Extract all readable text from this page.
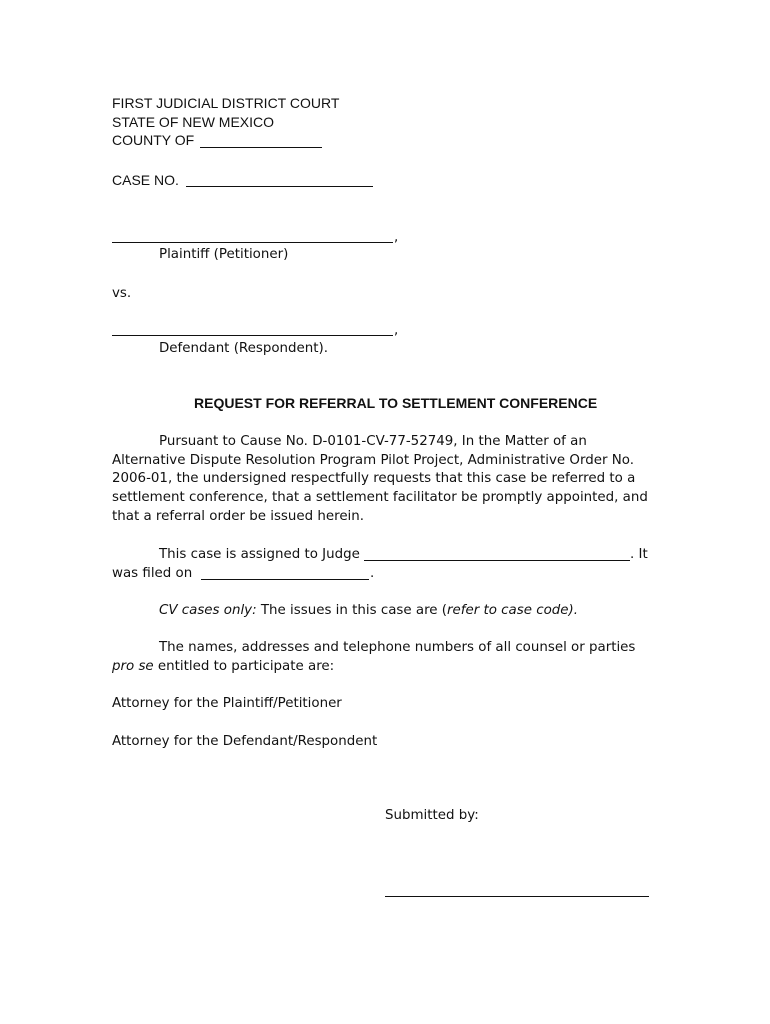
FIRST JUDICIAL DISTRICT COURT
STATE OF NEW MEXICO
COUNTY OF
CASE NO.
,
Plaintiff (Petitioner)
vs.
,
Defendant (Respondent).
REQUEST FOR REFERRAL TO SETTLEMENT CONFERENCE
Pursuant to Cause No. D-0101-CV-77-52749, In the Matter of an
Alternative Dispute Resolution Program Pilot Project, Administrative Order No.
2006-01, the undersigned respectfully requests that this case be referred to a
settlement conference, that a settlement facilitator be promptly appointed, and
that a referral order be issued herein.
This case is assigned to Judge	. It
was filed on	.
CV cases only: The issues in this case are (refer to case code).
The names, addresses and telephone numbers of all counsel or parties
pro se entitled to participate are:
Attorney for the Plaintiff/Petitioner
Attorney for the Defendant/Respondent
Submitted by:
